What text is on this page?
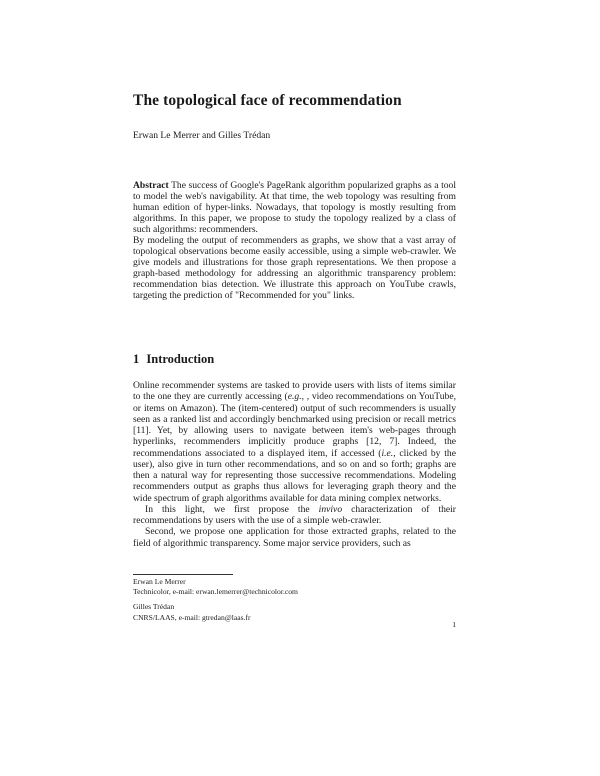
The topological face of recommendation
Erwan Le Merrer and Gilles Trédan

Abstract The success of Google's PageRank algorithm popularized graphs as a tool to model the web's navigability. At that time, the web topology was resulting from human edition of hyper-links. Nowadays, that topology is mostly resulting from algorithms. In this paper, we propose to study the topology realized by a class of such algorithms: recommenders.

By modeling the output of recommenders as graphs, we show that a vast array of topological observations become easily accessible, using a simple web-crawler. We give models and illustrations for those graph representations. We then propose a graph-based methodology for addressing an algorithmic transparency problem: recommendation bias detection. We illustrate this approach on YouTube crawls, targeting the prediction of "Recommended for you" links.

1 Introduction

Online recommender systems are tasked to provide users with lists of items similar to the one they are currently accessing (e.g., , video recommendations on YouTube, or items on Amazon). The (item-centered) output of such recommenders is usually seen as a ranked list and accordingly benchmarked using precision or recall metrics [11]. Yet, by allowing users to navigate between item's web-pages through hyperlinks, recommenders implicitly produce graphs [12, 7]. Indeed, the recommendations associated to a displayed item, if accessed (i.e., clicked by the user), also give in turn other recommendations, and so on and so forth; graphs are then a natural way for representing those successive recommendations. Modeling recommenders output as graphs thus allows for leveraging graph theory and the wide spectrum of graph algorithms available for data mining complex networks.

In this light, we first propose the invivo characterization of their recommendations by users with the use of a simple web-crawler.

Second, we propose one application for those extracted graphs, related to the field of algorithmic transparency. Some major service providers, such as

Erwan Le Merrer
Technicolor, e-mail: erwan.lemerrer@technicolor.com
Gilles Trédan
CNRS/LAAS, e-mail: gtredan@laas.fr
1
